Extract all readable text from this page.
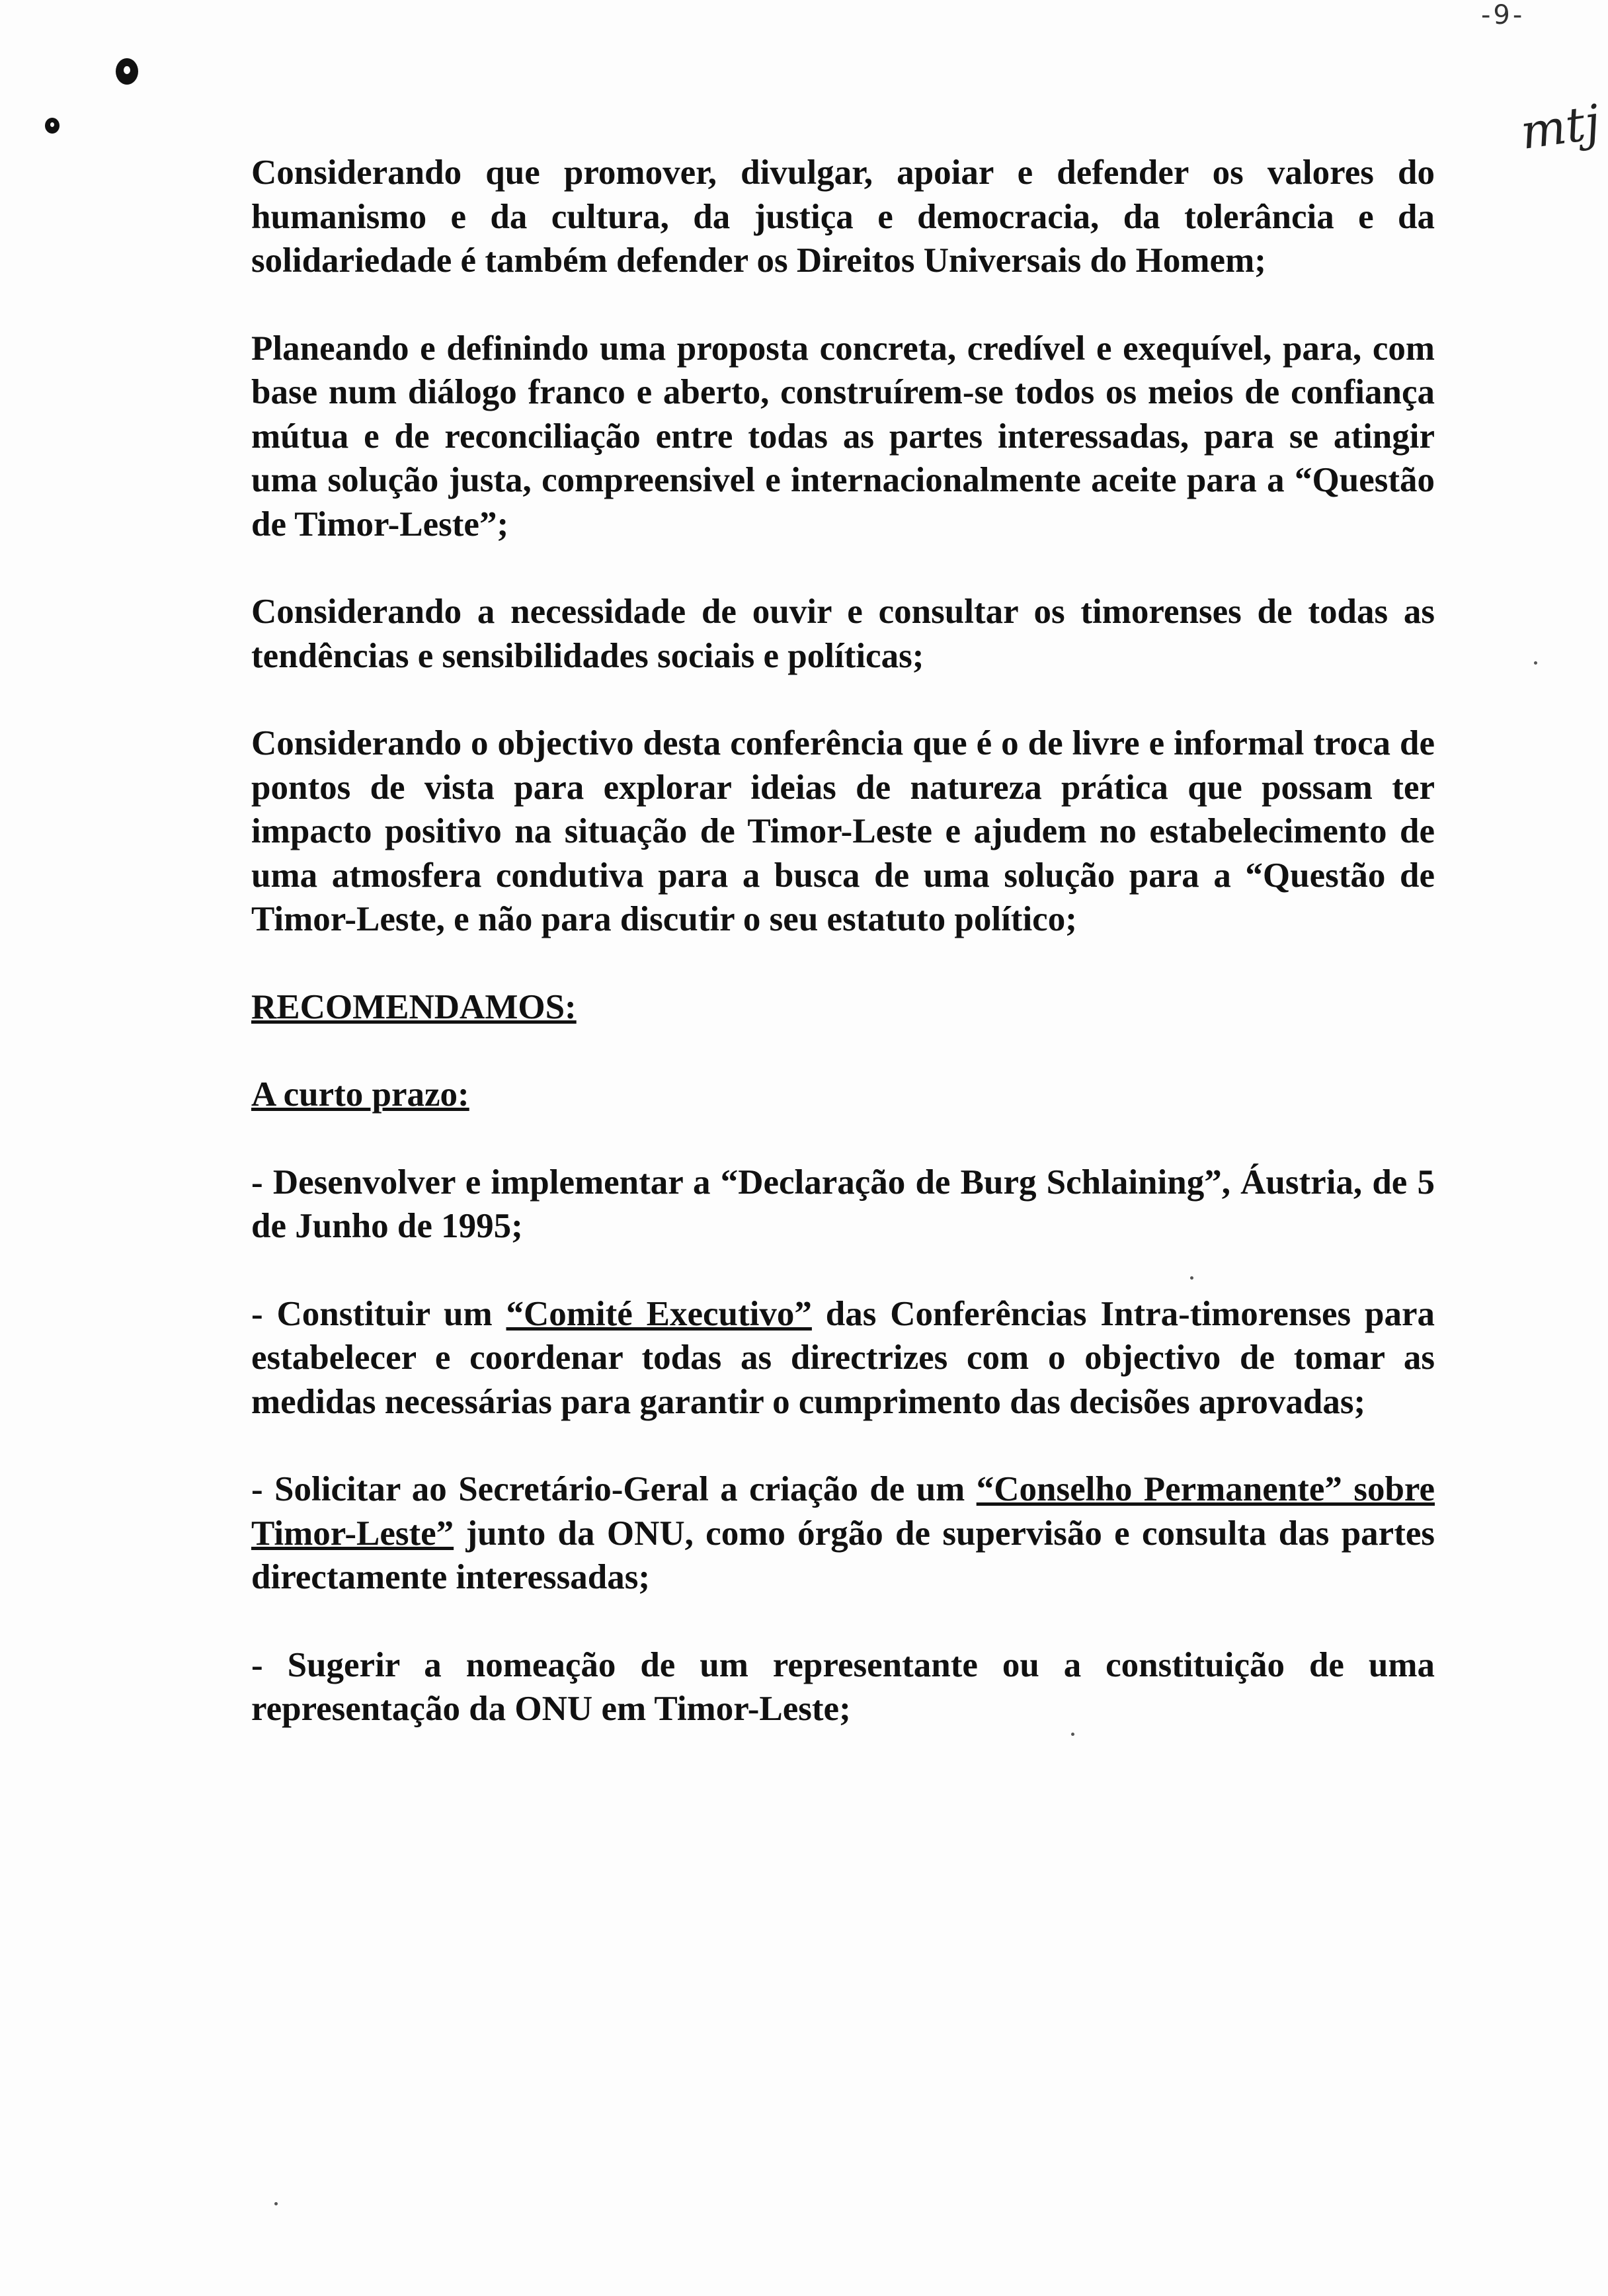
-9-
mtj

Considerando que promover, divulgar, apoiar e defender os valores do humanismo e da cultura, da justiça e democracia, da tolerância e da solidariedade é também defender os Direitos Universais do Homem;

Planeando e definindo uma proposta concreta, credível e exequível, para, com base num diálogo franco e aberto, construírem-se todos os meios de confiança mútua e de reconciliação entre todas as partes interessadas, para se atingir uma solução justa, compreensivel e internacionalmente aceite para a “Questão de Timor-Leste”;

Considerando a necessidade de ouvir e consultar os timorenses de todas as tendências e sensibilidades sociais e políticas;

Considerando o objectivo desta conferência que é o de livre e informal troca de pontos de vista para explorar ideias de natureza prática que possam ter impacto positivo na situação de Timor-Leste e ajudem no estabelecimento de uma atmosfera condutiva para a busca de uma solução para a “Questão de Timor-Leste, e não para discutir o seu estatuto político;

RECOMENDAMOS:

A curto prazo:

- Desenvolver e implementar a “Declaração de Burg Schlaining”, Áustria, de 5 de Junho de 1995;

- Constituir um “Comité Executivo” das Conferências Intra-timorenses para estabelecer e coordenar todas as directrizes com o objectivo de tomar as medidas necessárias para garantir o cumprimento das decisões aprovadas;

- Solicitar ao Secretário-Geral a criação de um “Conselho Permanente” sobre Timor-Leste” junto da ONU, como órgão de supervisão e consulta das partes directamente interessadas;

- Sugerir a nomeação de um representante ou a constituição de uma representação da ONU em Timor-Leste;
